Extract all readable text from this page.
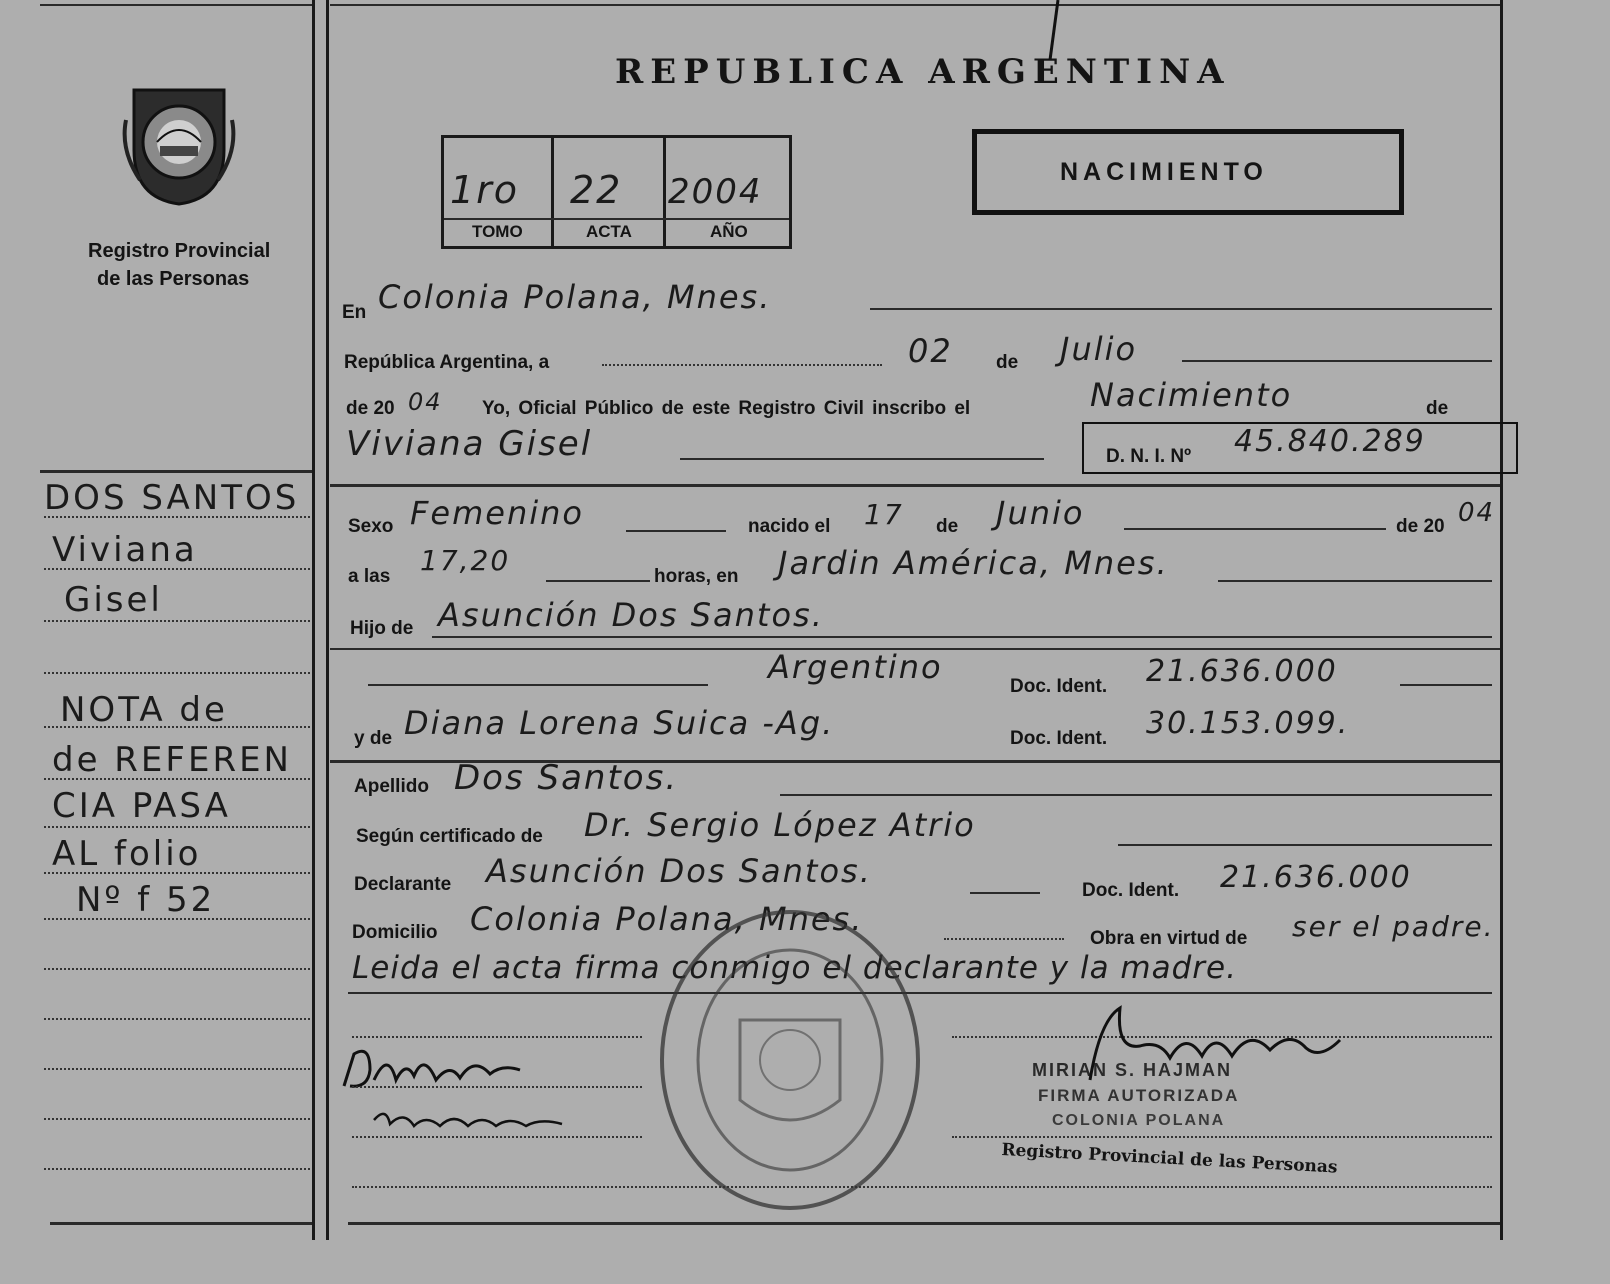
Registro Provincial
de las Personas
DOS SANTOS
Viviana
Gisel
NOTA de
de REFEREN
CIA PASA
AL folio
Nº f 52
REPUBLICA ARGENTINA
1ro 22 2004
TOMO	ACTA	AÑO
NACIMIENTO
En Colonia Polana, Mnes.
República Argentina, a	02 de Julio
de 20 04 Yo, Oficial Público de este Registro Civil inscribo el	Nacimiento	de
Viviana Gisel	D. N. I. Nº 45.840.289
Sexo Femenino	nacido el 17 de Junio	de 20 04
a las 17,20	horas, en Jardin América, Mnes.
Hijo de Asunción Dos Santos.
Argentino
Doc. Ident. 21.636.000
y de Diana Lorena Suica -Ag.	Doc. Ident. 30.153.099.
Apellido Dos Santos.
Según certificado de Dr. Sergio López Atrio
Declarante Asunción Dos Santos.
Doc. Ident. 21.636.000
Domicilio Colonia Polana, Mnes.
Obra en virtud de ser el padre.
Leida el acta firma conmigo el declarante y la madre.
MIRIAN S. HAJMAN
FIRMA AUTORIZADA
COLONIA POLANA
Registro Provincial de las Personas
